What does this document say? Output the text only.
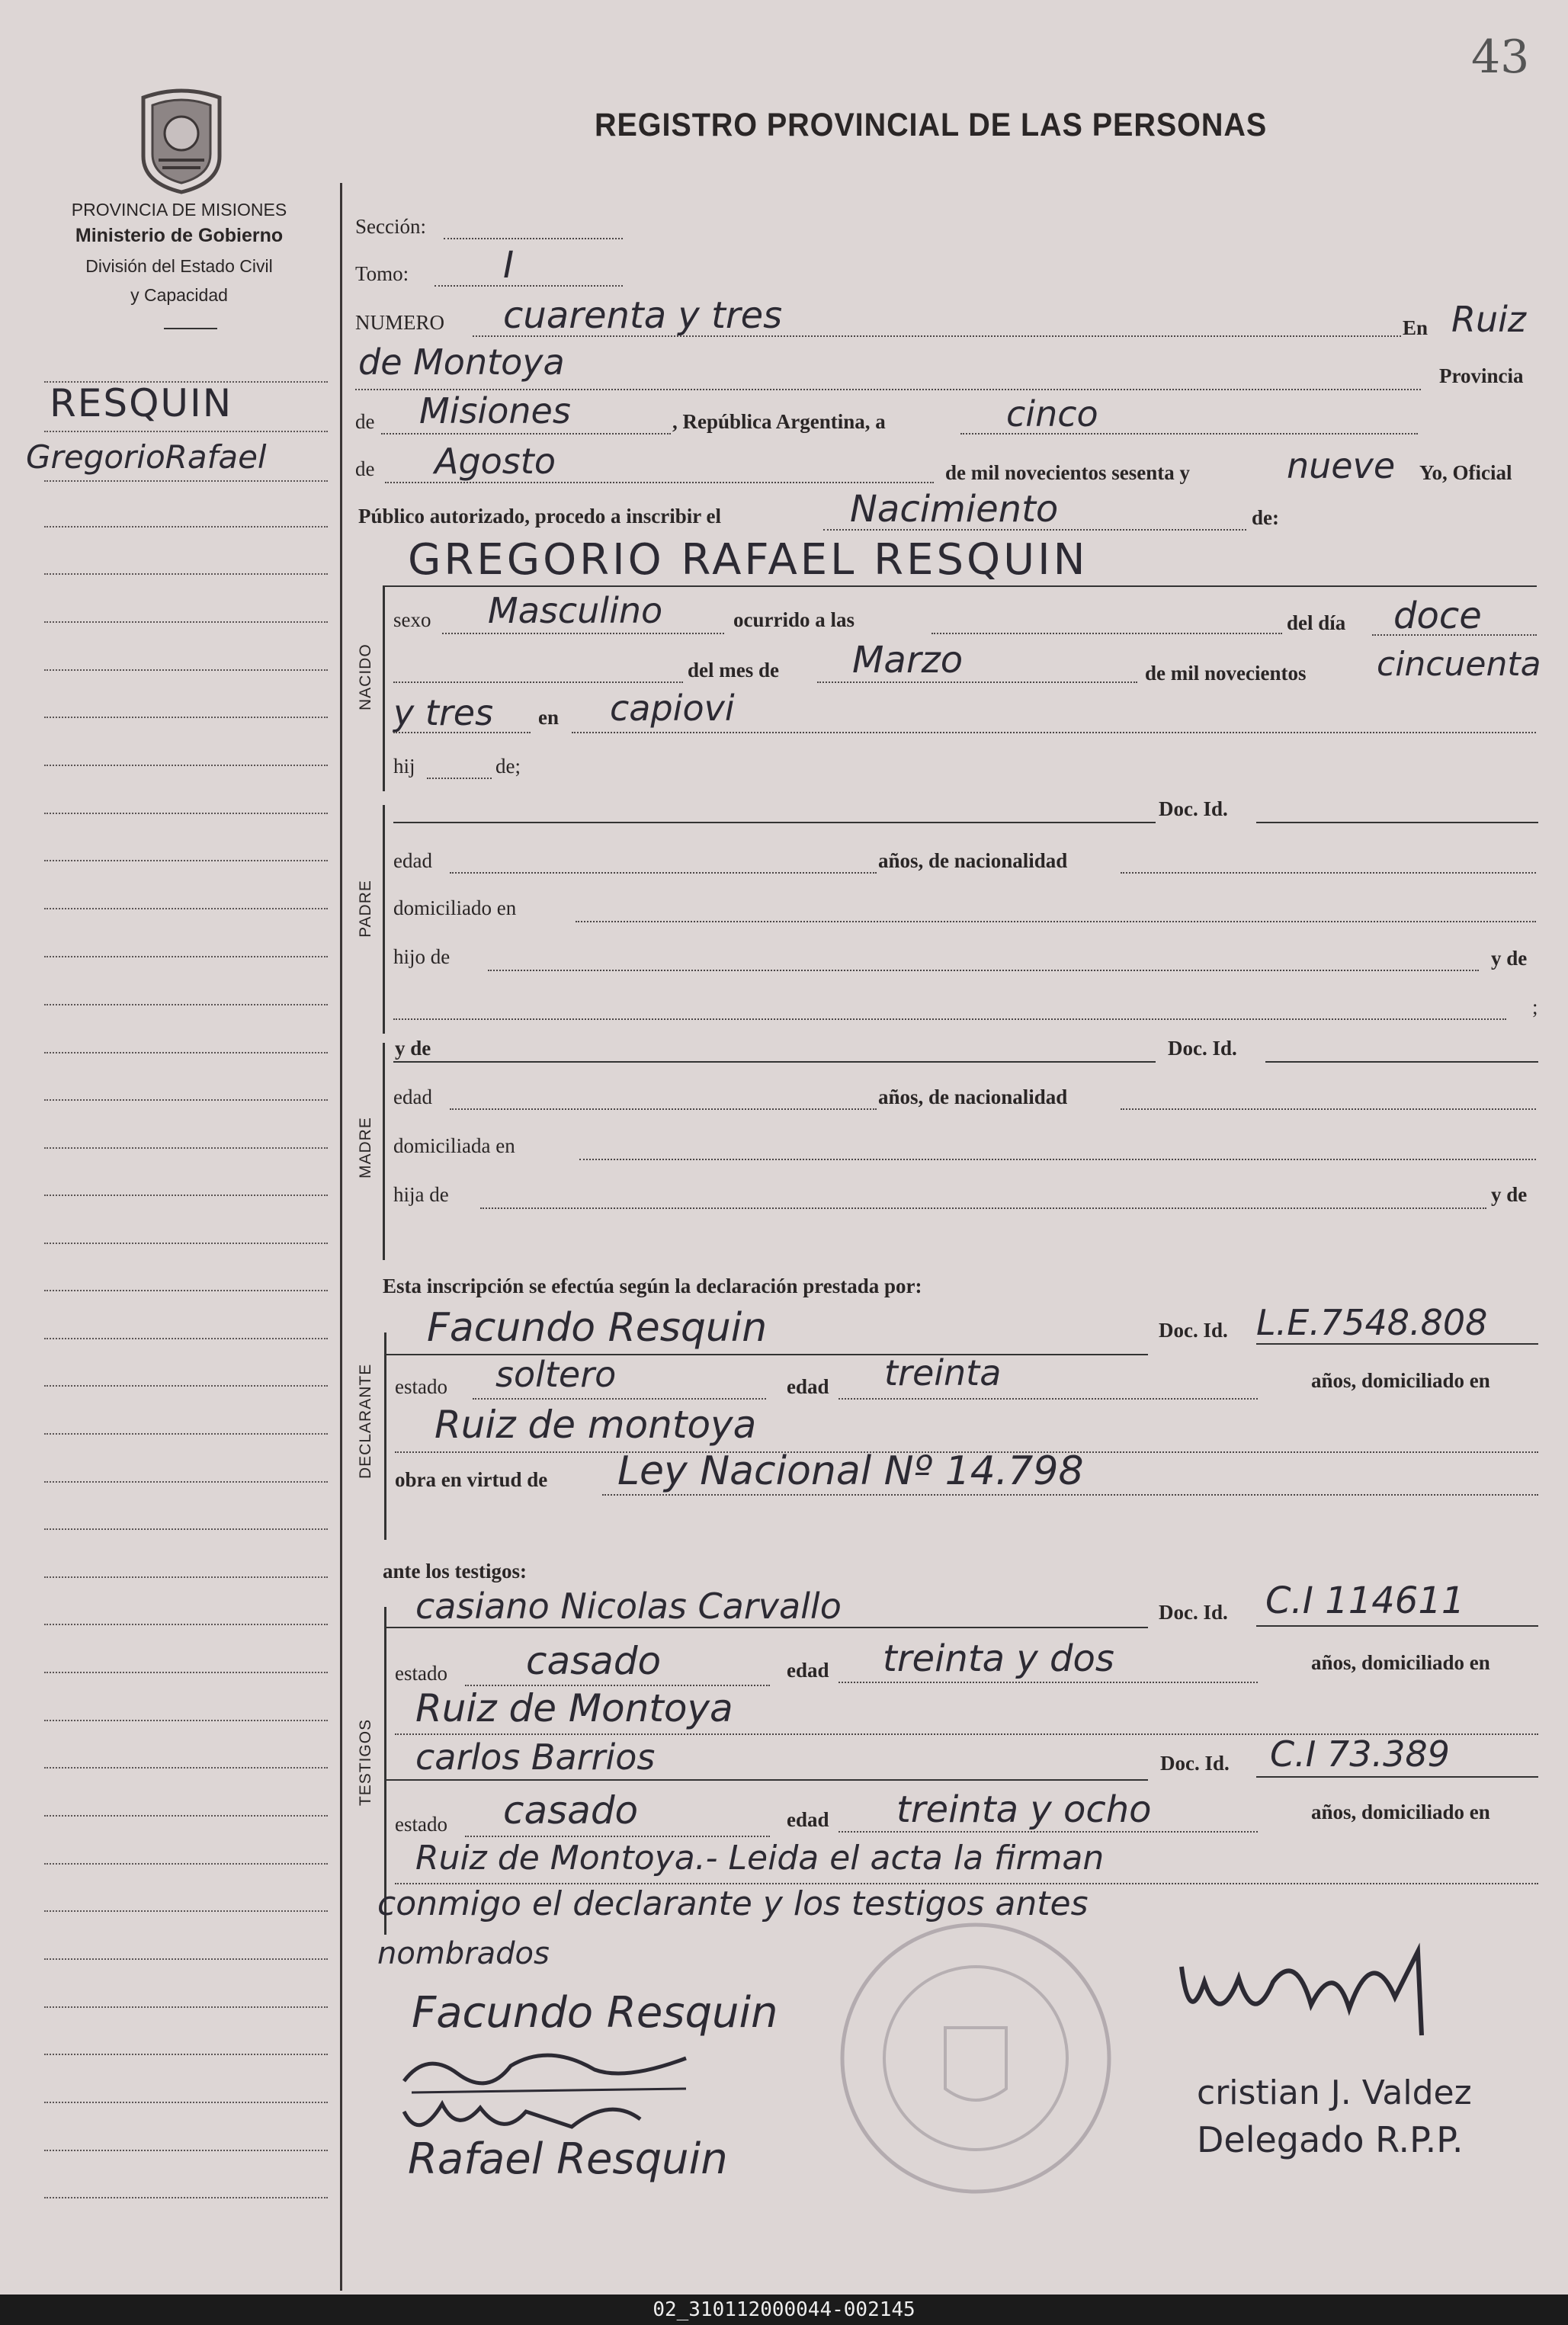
43
PROVINCIA DE MISIONES
Ministerio de Gobierno
División del Estado Civil
y Capacidad
REGISTRO PROVINCIAL DE LAS PERSONAS
RESQUIN
GregorioRafael
Sección:
Tomo:	I
NUMERO cuarenta y tres	En Ruiz
de Montoya	Provincia
de Misiones	, República Argentina, a	cinco
de Agosto	de mil novecientos sesenta y	nueve Yo, Oficial
Público autorizado, procedo a inscribir el	Nacimiento	de:
GREGORIO RAFAEL RESQUIN
NACIDO
sexo Masculino	ocurrido a las	del día doce
del mes de Marzo	de mil novecientos cincuenta
y tres en capiovi
hij	de;
PADRE
Doc. Id.
edad	años, de nacionalidad
domiciliado en
hijo de	y de
;
MADRE
y de	Doc. Id.
edad	años, de nacionalidad
domiciliada en
hija de	y de
Esta inscripción se efectúa según la declaración prestada por:
DECLARANTE
Facundo Resquin	Doc. Id. L.E.7548.808
estado soltero	edad treinta	años, domiciliado en
Ruiz de montoya
obra en virtud de Ley Nacional Nº 14.798
ante los testigos:
TESTIGOS
casiano Nicolas Carvallo	Doc. Id. C.I 114611
estado casado	edad treinta y dos	años, domiciliado en
Ruiz de Montoya
carlos Barrios	Doc. Id. C.I 73.389
estado casado	edad treinta y ocho	años, domiciliado en
Ruiz de Montoya.- Leida el acta la firman
conmigo el declarante y los testigos antes
nombrados
Facundo Resquin
Rafael Resquin
cristian J. Valdez
Delegado R.P.P.
02_310112000044-002145
